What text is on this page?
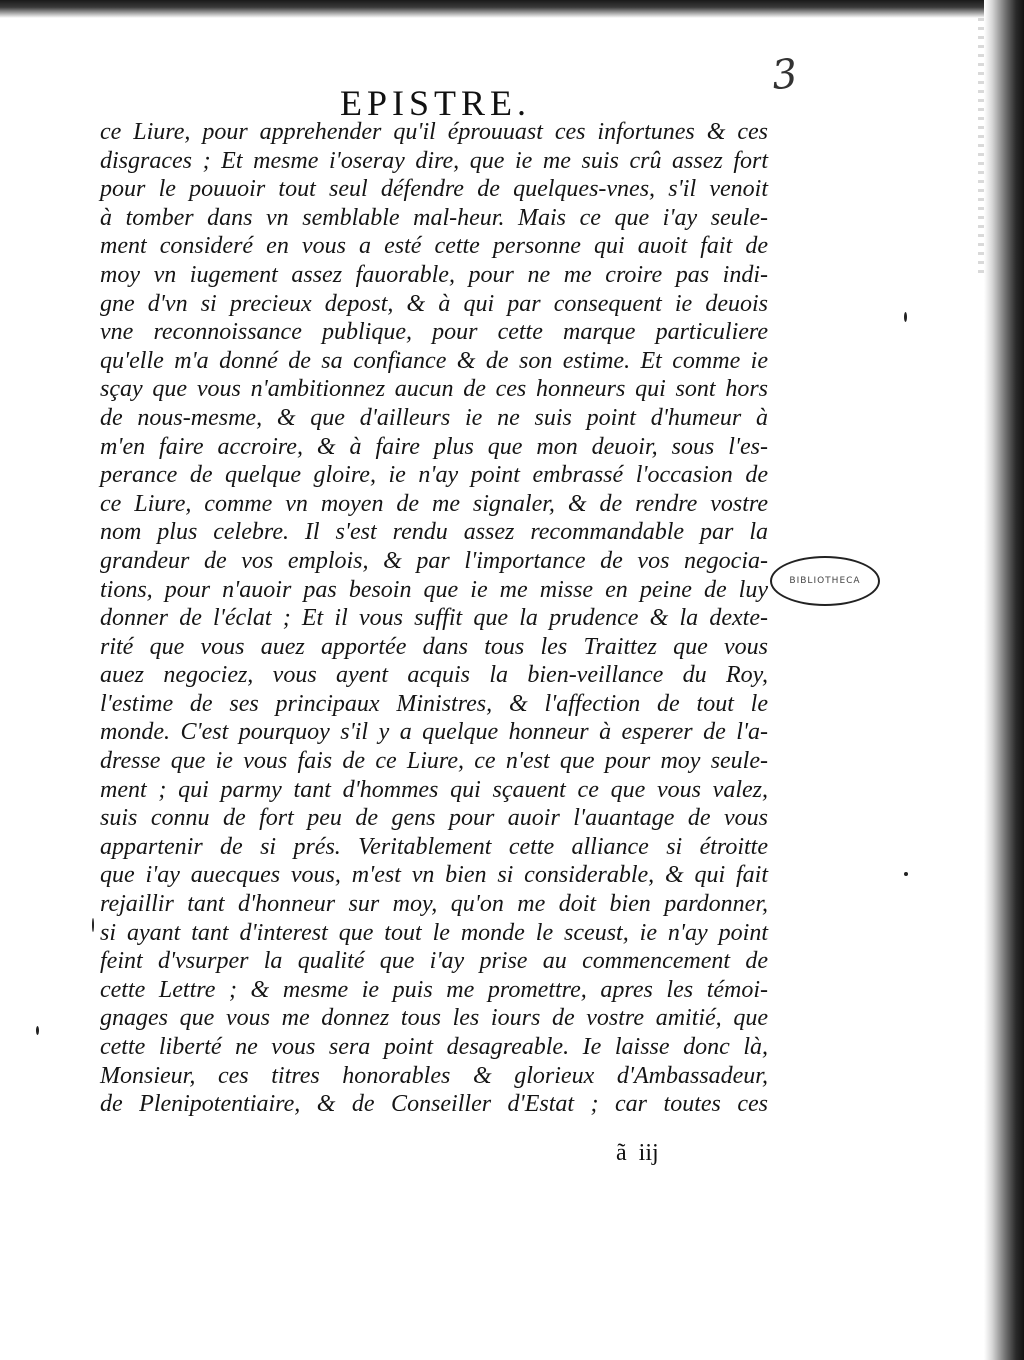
3
EPISTRE.
ce Liure, pour apprehender qu'il éprouuast ces infortunes & ces
disgraces ; Et mesme i'oseray dire, que ie me suis crû assez fort
pour le pouuoir tout seul défendre de quelques-vnes, s'il venoit
à tomber dans vn semblable mal-heur. Mais ce que i'ay seule-
ment consideré en vous a esté cette personne qui auoit fait de
moy vn iugement assez fauorable, pour ne me croire pas indi-
gne d'vn si precieux depost, & à qui par consequent ie deuois
vne reconnoissance publique, pour cette marque particuliere
qu'elle m'a donné de sa confiance & de son estime. Et comme ie
sçay que vous n'ambitionnez aucun de ces honneurs qui sont hors
de nous-mesme, & que d'ailleurs ie ne suis point d'humeur à
m'en faire accroire, & à faire plus que mon deuoir, sous l'es-
perance de quelque gloire, ie n'ay point embrassé l'occasion de
ce Liure, comme vn moyen de me signaler, & de rendre vostre
nom plus celebre. Il s'est rendu assez recommandable par la
grandeur de vos emplois, & par l'importance de vos negocia-
tions, pour n'auoir pas besoin que ie me misse en peine de luy
donner de l'éclat ; Et il vous suffit que la prudence & la dexte-
rité que vous auez apportée dans tous les Traittez que vous
auez negociez, vous ayent acquis la bien-veillance du Roy,
l'estime de ses principaux Ministres, & l'affection de tout le
monde. C'est pourquoy s'il y a quelque honneur à esperer de l'a-
dresse que ie vous fais de ce Liure, ce n'est que pour moy seule-
ment ; qui parmy tant d'hommes qui sçauent ce que vous valez,
suis connu de fort peu de gens pour auoir l'auantage de vous
appartenir de si prés. Veritablement cette alliance si étroitte
que i'ay auecques vous, m'est vn bien si considerable, & qui fait
rejaillir tant d'honneur sur moy, qu'on me doit bien pardonner,
si ayant tant d'interest que tout le monde le sceust, ie n'ay point
feint d'vsurper la qualité que i'ay prise au commencement de
cette Lettre ; & mesme ie puis me promettre, apres les témoi-
gnages que vous me donnez tous les iours de vostre amitié, que
cette liberté ne vous sera point desagreable. Ie laisse donc là,
Monsieur, ces titres honorables & glorieux d'Ambassadeur,
de Plenipotentiaire, & de Conseiller d'Estat ; car toutes ces
BIBLIOTHECA
ã iij
